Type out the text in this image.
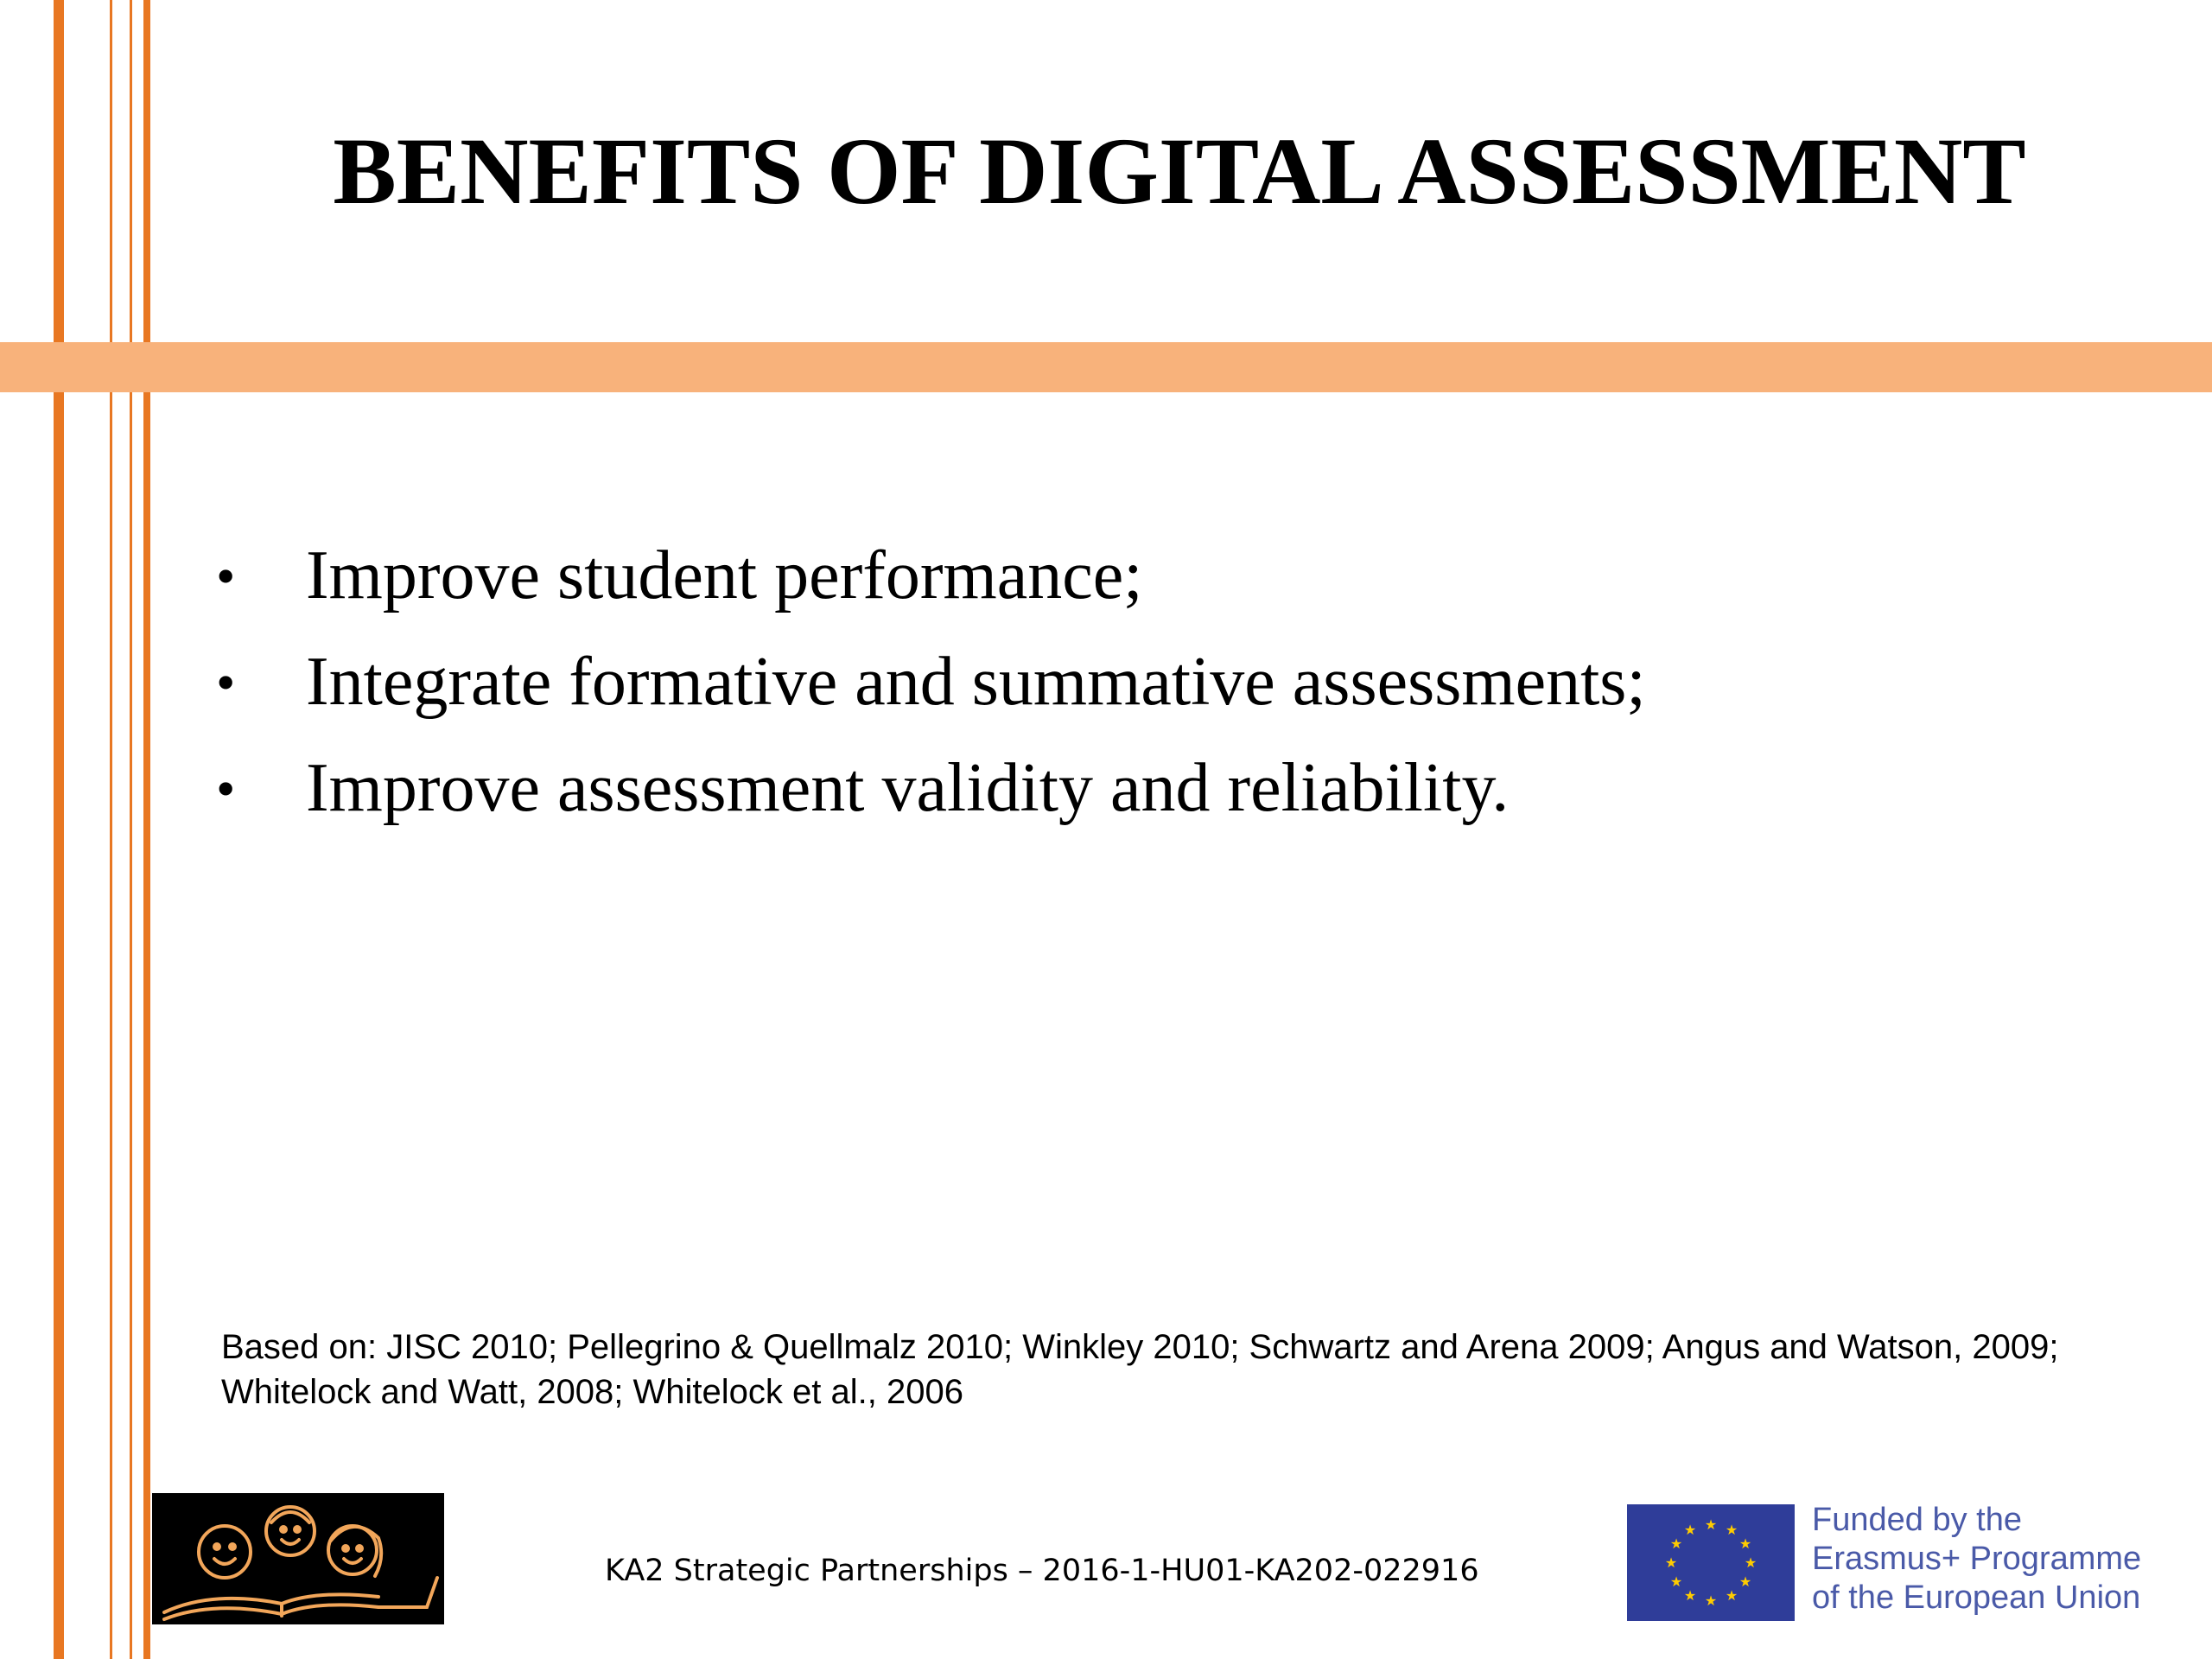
BENEFITS OF DIGITAL ASSESSMENT
• Improve student performance;
• Integrate formative and summative assessments;
• Improve assessment validity and reliability.

Based on: JISC 2010; Pellegrino & Quellmalz 2010; Winkley 2010; Schwartz and Arena 2009; Angus and Watson, 2009; Whitelock and Watt, 2008; Whitelock et al., 2006

KA2 Strategic Partnerships – 2016-1-HU01-KA202-022916
★ ★
★
★
★
★
★
★
★
★
★
★	Funded by the
Erasmus+ Programme
of the European Union
